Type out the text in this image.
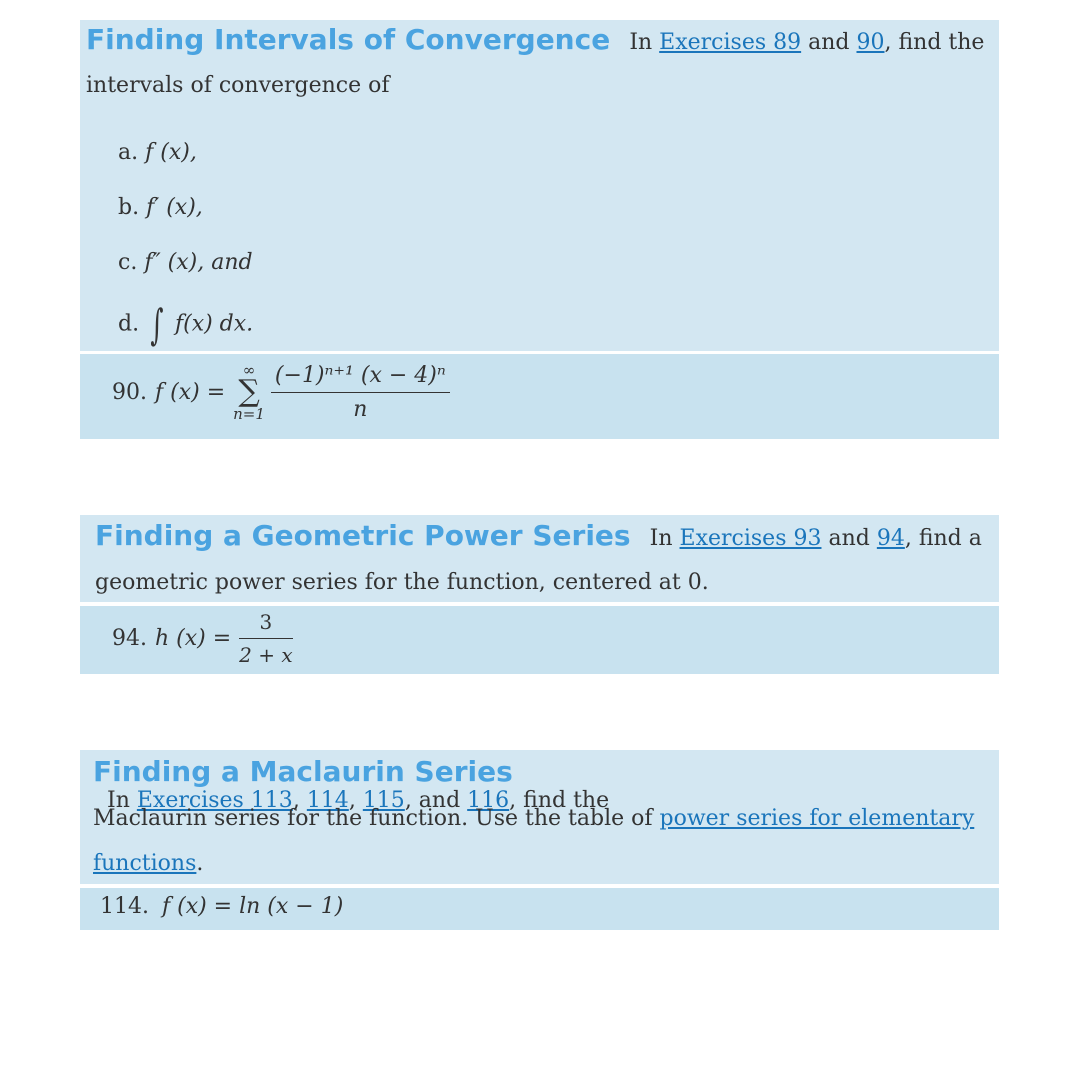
Finding Intervals of Convergence In Exercises 89 and 90, find the
intervals of convergence of
a. f (x),
b. f′ (x),
c. f″ (x), and
d. ∫ f(x) dx.
90. f (x) =
∞
∑
$n=1 \frac{\text{(−1)ⁿ⁺¹ (x − 4)ⁿ}}{n}$
Finding a Geometric Power Series In Exercises 93 and 94, find a
geometric power series for the function, centered at 0.
94. h $(x) = \frac{3}{2 + x}$
Finding a Maclaurin Series In Exercises 113, 114, 115, and 116, find the
Maclaurin series for the function. Use the table of power series for elementary
functions.
114. f (x) = ln (x − 1)
